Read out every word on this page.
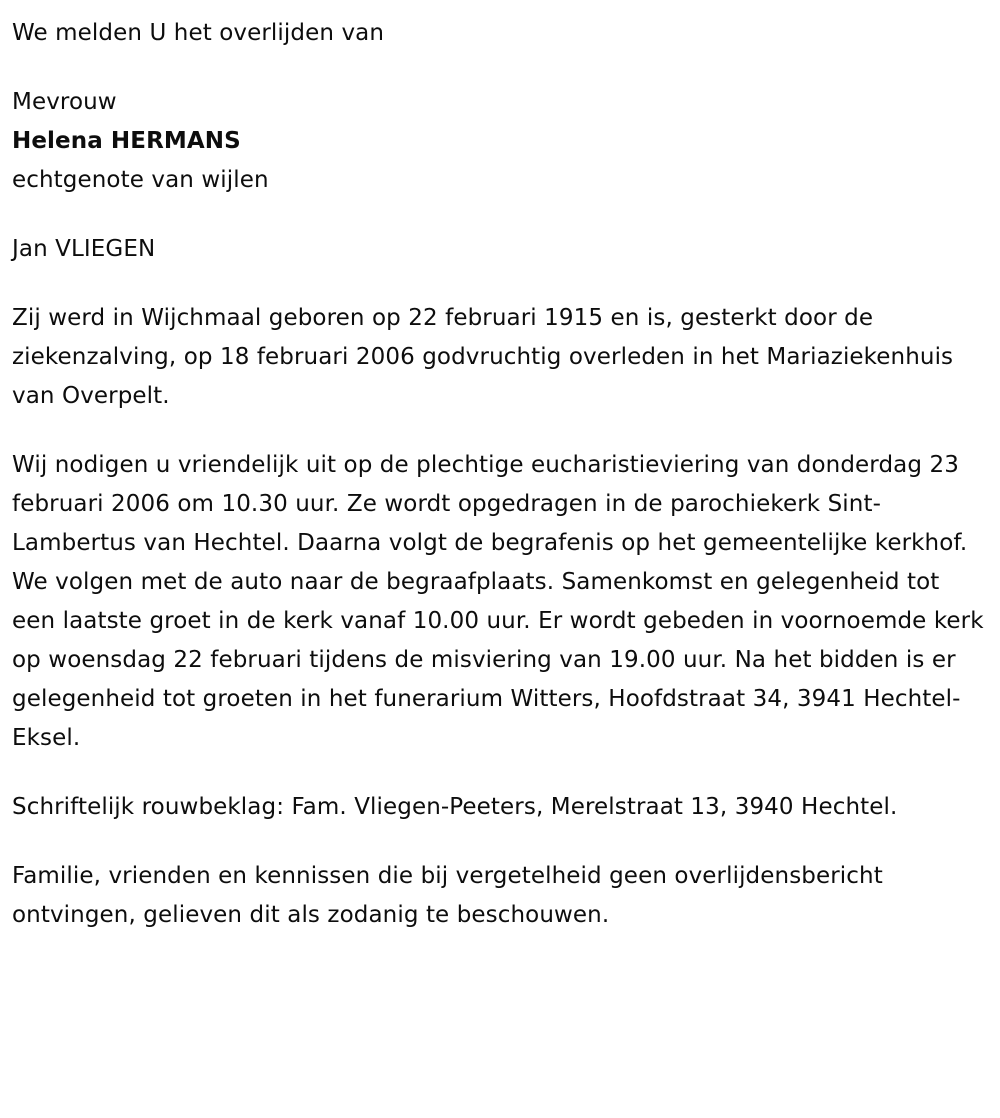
We melden U het overlijden van

Mevrouw

Helena HERMANS

echtgenote van wijlen

Jan VLIEGEN

Zij werd in Wijchmaal geboren op 22 februari 1915 en is, gesterkt door de ziekenzalving, op 18 februari 2006 godvruchtig overleden in het Mariaziekenhuis van Overpelt.

Wij nodigen u vriendelijk uit op de plechtige eucharistieviering van donderdag 23 februari 2006 om 10.30 uur. Ze wordt opgedragen in de parochiekerk Sint-Lambertus van Hechtel. Daarna volgt de begrafenis op het gemeentelijke kerkhof. We volgen met de auto naar de begraafplaats. Samenkomst en gelegenheid tot een laatste groet in de kerk vanaf 10.00 uur. Er wordt gebeden in voornoemde kerk op woensdag 22 februari tijdens de misviering van 19.00 uur. Na het bidden is er gelegenheid tot groeten in het funerarium Witters, Hoofdstraat 34, 3941 Hechtel-Eksel.

Schriftelijk rouwbeklag: Fam. Vliegen-Peeters, Merelstraat 13, 3940 Hechtel.

Familie, vrienden en kennissen die bij vergetelheid geen overlijdensbericht ontvingen, gelieven dit als zodanig te beschouwen.
